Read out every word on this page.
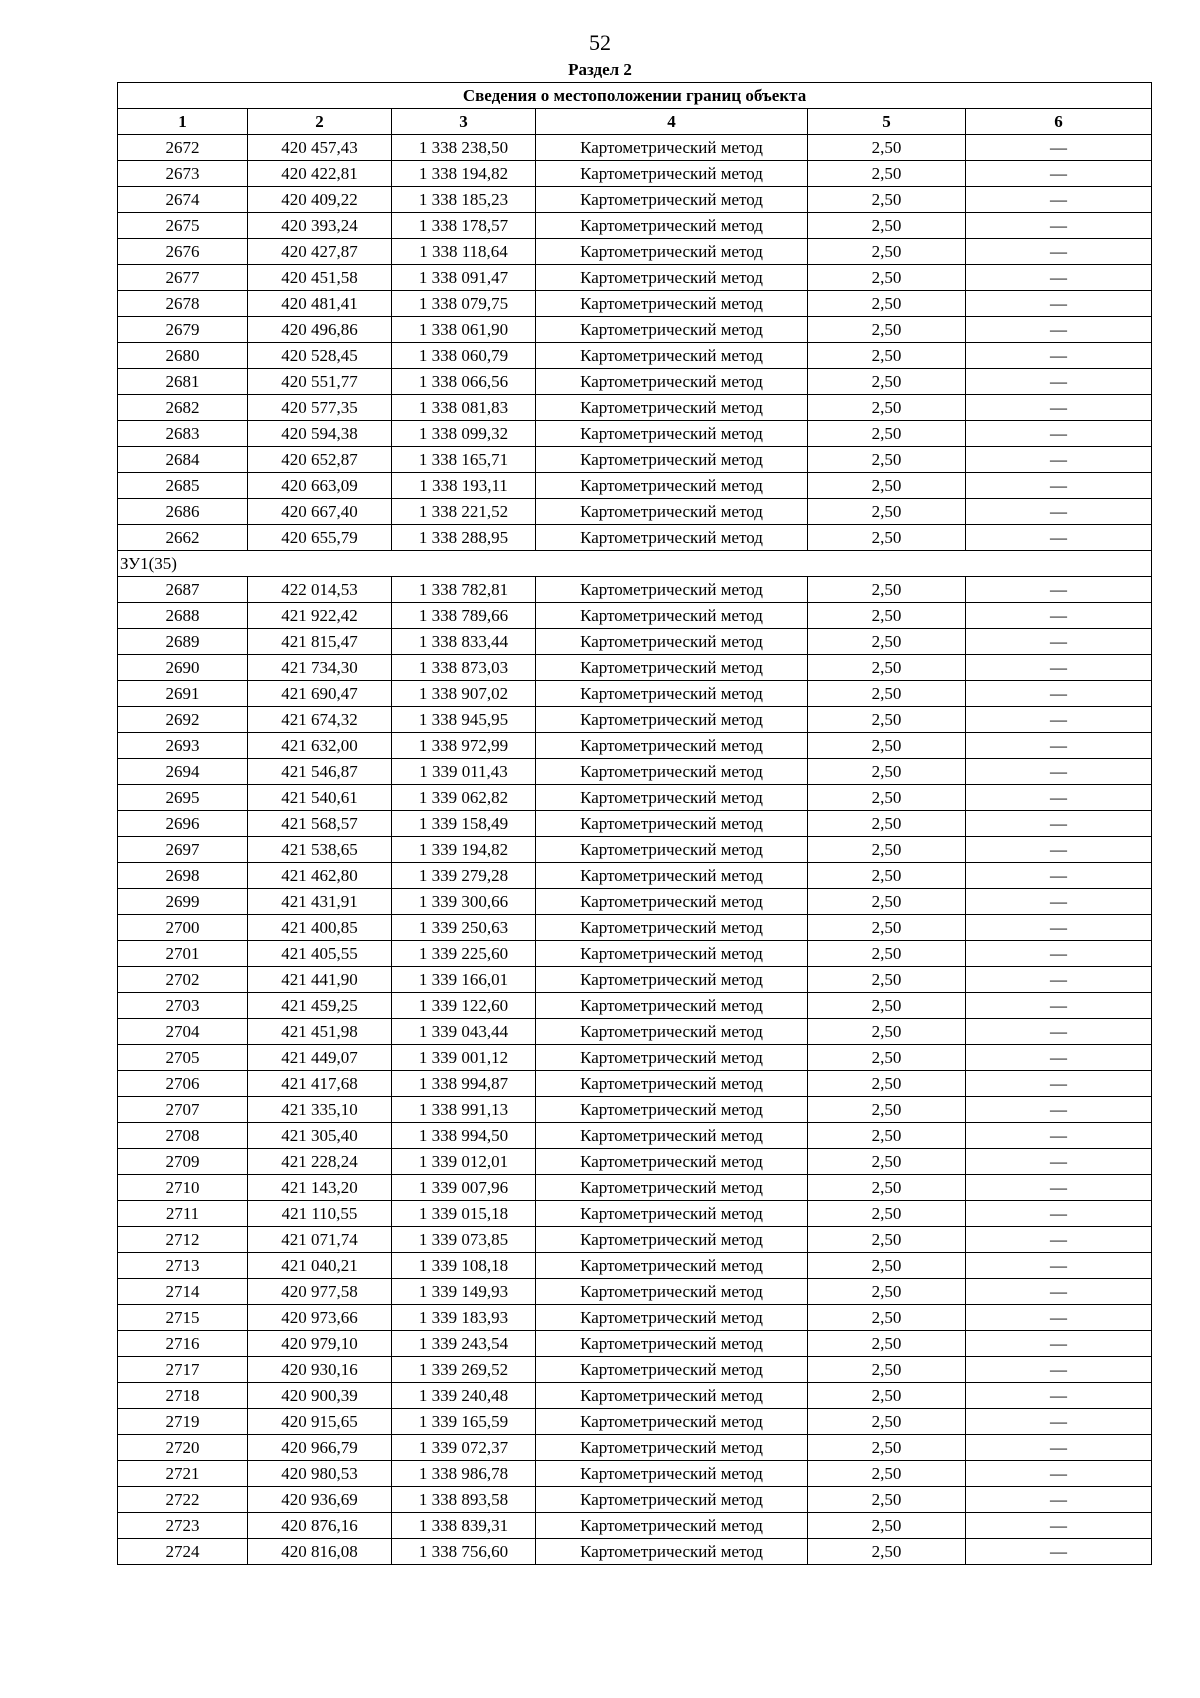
52
Раздел 2
Сведения о местоположении границ объекта					
1	2	3	4	5	6
2672	420 457,43	1 338 238,50	Картометрический метод	2,50	—
2673	420 422,81	1 338 194,82	Картометрический метод	2,50	—
2674	420 409,22	1 338 185,23	Картометрический метод	2,50	—
2675	420 393,24	1 338 178,57	Картометрический метод	2,50	—
2676	420 427,87	1 338 118,64	Картометрический метод	2,50	—
2677	420 451,58	1 338 091,47	Картометрический метод	2,50	—
2678	420 481,41	1 338 079,75	Картометрический метод	2,50	—
2679	420 496,86	1 338 061,90	Картометрический метод	2,50	—
2680	420 528,45	1 338 060,79	Картометрический метод	2,50	—
2681	420 551,77	1 338 066,56	Картометрический метод	2,50	—
2682	420 577,35	1 338 081,83	Картометрический метод	2,50	—
2683	420 594,38	1 338 099,32	Картометрический метод	2,50	—
2684	420 652,87	1 338 165,71	Картометрический метод	2,50	—
2685	420 663,09	1 338 193,11	Картометрический метод	2,50	—
2686	420 667,40	1 338 221,52	Картометрический метод	2,50	—
2662	420 655,79	1 338 288,95	Картометрический метод	2,50	—
ЗУ1(35)					
2687	422 014,53	1 338 782,81	Картометрический метод	2,50	—
2688	421 922,42	1 338 789,66	Картометрический метод	2,50	—
2689	421 815,47	1 338 833,44	Картометрический метод	2,50	—
2690	421 734,30	1 338 873,03	Картометрический метод	2,50	—
2691	421 690,47	1 338 907,02	Картометрический метод	2,50	—
2692	421 674,32	1 338 945,95	Картометрический метод	2,50	—
2693	421 632,00	1 338 972,99	Картометрический метод	2,50	—
2694	421 546,87	1 339 011,43	Картометрический метод	2,50	—
2695	421 540,61	1 339 062,82	Картометрический метод	2,50	—
2696	421 568,57	1 339 158,49	Картометрический метод	2,50	—
2697	421 538,65	1 339 194,82	Картометрический метод	2,50	—
2698	421 462,80	1 339 279,28	Картометрический метод	2,50	—
2699	421 431,91	1 339 300,66	Картометрический метод	2,50	—
2700	421 400,85	1 339 250,63	Картометрический метод	2,50	—
2701	421 405,55	1 339 225,60	Картометрический метод	2,50	—
2702	421 441,90	1 339 166,01	Картометрический метод	2,50	—
2703	421 459,25	1 339 122,60	Картометрический метод	2,50	—
2704	421 451,98	1 339 043,44	Картометрический метод	2,50	—
2705	421 449,07	1 339 001,12	Картометрический метод	2,50	—
2706	421 417,68	1 338 994,87	Картометрический метод	2,50	—
2707	421 335,10	1 338 991,13	Картометрический метод	2,50	—
2708	421 305,40	1 338 994,50	Картометрический метод	2,50	—
2709	421 228,24	1 339 012,01	Картометрический метод	2,50	—
2710	421 143,20	1 339 007,96	Картометрический метод	2,50	—
2711	421 110,55	1 339 015,18	Картометрический метод	2,50	—
2712	421 071,74	1 339 073,85	Картометрический метод	2,50	—
2713	421 040,21	1 339 108,18	Картометрический метод	2,50	—
2714	420 977,58	1 339 149,93	Картометрический метод	2,50	—
2715	420 973,66	1 339 183,93	Картометрический метод	2,50	—
2716	420 979,10	1 339 243,54	Картометрический метод	2,50	—
2717	420 930,16	1 339 269,52	Картометрический метод	2,50	—
2718	420 900,39	1 339 240,48	Картометрический метод	2,50	—
2719	420 915,65	1 339 165,59	Картометрический метод	2,50	—
2720	420 966,79	1 339 072,37	Картометрический метод	2,50	—
2721	420 980,53	1 338 986,78	Картометрический метод	2,50	—
2722	420 936,69	1 338 893,58	Картометрический метод	2,50	—
2723	420 876,16	1 338 839,31	Картометрический метод	2,50	—
2724	420 816,08	1 338 756,60	Картометрический метод	2,50	—
